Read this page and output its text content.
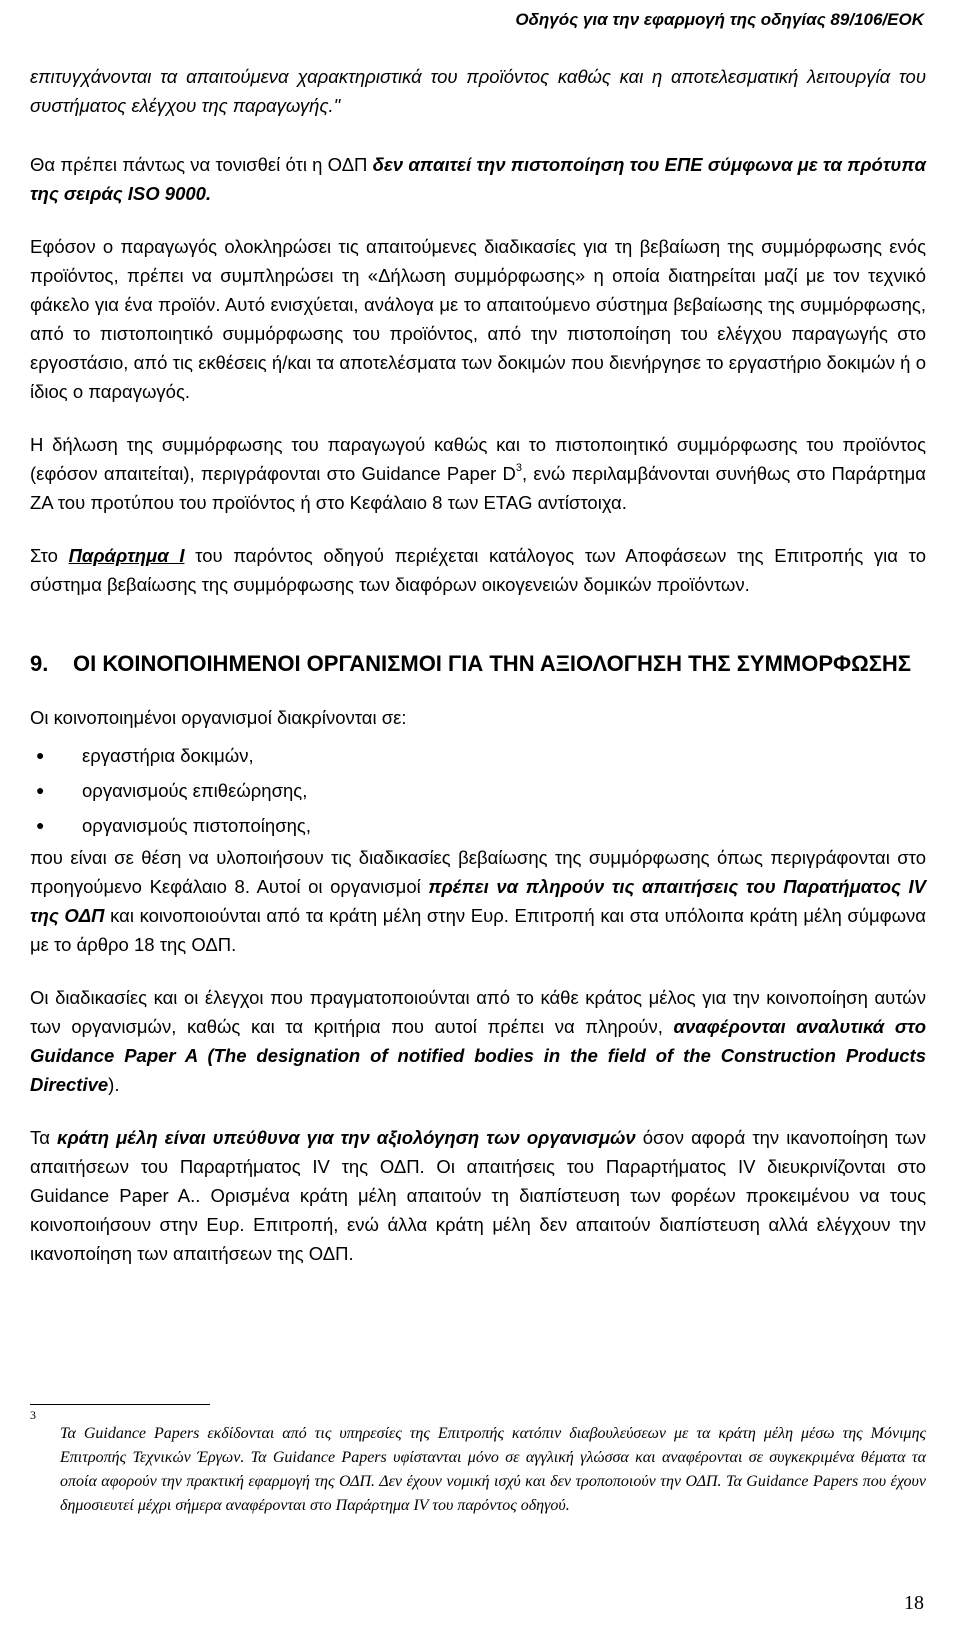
Οδηγός για την εφαρμογή της οδηγίας 89/106/ΕΟΚ

επιτυγχάνονται τα απαιτούμενα χαρακτηριστικά του προϊόντος καθώς και η αποτελεσματική λειτουργία του συστήματος ελέγχου της παραγωγής."

Θα πρέπει πάντως να τονισθεί ότι η ΟΔΠ δεν απαιτεί την πιστοποίηση του ΕΠΕ σύμφωνα με τα πρότυπα της σειράς ISO 9000.

Εφόσον ο παραγωγός ολοκληρώσει τις απαιτούμενες διαδικασίες για τη βεβαίωση της συμμόρφωσης ενός προϊόντος, πρέπει να συμπληρώσει τη «Δήλωση συμμόρφωσης» η οποία διατηρείται μαζί με τον τεχνικό φάκελο για ένα προϊόν. Αυτό ενισχύεται, ανάλογα με το απαιτούμενο σύστημα βεβαίωσης της συμμόρφωσης, από το πιστοποιητικό συμμόρφωσης του προϊόντος, από την πιστοποίηση του ελέγχου παραγωγής στο εργοστάσιο, από τις εκθέσεις ή/και τα αποτελέσματα των δοκιμών που διενήργησε το εργαστήριο δοκιμών ή ο ίδιος ο παραγωγός.

Η δήλωση της συμμόρφωσης του παραγωγού καθώς και το πιστοποιητικό συμμόρφωσης του προϊόντος (εφόσον απαιτείται), περιγράφονται στο Guidance Paper $D^3$, ενώ περιλαμβάνονται συνήθως στο Παράρτημα ΖΑ του προτύπου του προϊόντος ή στο Κεφάλαιο 8 των ETAG αντίστοιχα.

Στο Παράρτημα I του παρόντος οδηγού περιέχεται κατάλογος των Αποφάσεων της Επιτροπής για το σύστημα βεβαίωσης της συμμόρφωσης των διαφόρων οικογενειών δομικών προϊόντων.

9.	ΟΙ ΚΟΙΝΟΠΟΙΗΜΕΝΟΙ ΟΡΓΑΝΙΣΜΟΙ ΓΙΑ ΤΗΝ ΑΞΙΟΛΟΓΗΣΗ ΤΗΣ ΣΥΜΜΟΡΦΩΣΗΣ

Οι κοινοποιημένοι οργανισμοί διακρίνονται σε:

●	εργαστήρια δοκιμών,
●	οργανισμούς επιθεώρησης,
●	οργανισμούς πιστοποίησης,

που είναι σε θέση να υλοποιήσουν τις διαδικασίες βεβαίωσης της συμμόρφωσης όπως περιγράφονται στο προηγούμενο Κεφάλαιο 8. Αυτοί οι οργανισμοί πρέπει να πληρούν τις απαιτήσεις του Παρατήματος IV της ΟΔΠ και κοινοποιούνται από τα κράτη μέλη στην Ευρ. Επιτροπή και στα υπόλοιπα κράτη μέλη σύμφωνα με το άρθρο 18 της ΟΔΠ.

Οι διαδικασίες και οι έλεγχοι που πραγματοποιούνται από το κάθε κράτος μέλος για την κοινοποίηση αυτών των οργανισμών, καθώς και τα κριτήρια που αυτοί πρέπει να πληρούν, αναφέρονται αναλυτικά στο Guidance Paper A (The designation of notified bodies in the field of the Construction Products Directive).

Τα κράτη μέλη είναι υπεύθυνα για την αξιολόγηση των οργανισμών όσον αφορά την ικανοποίηση των απαιτήσεων του Παραρτήματος IV της ΟΔΠ. Οι απαιτήσεις του Παρaρτήματος IV διευκρινίζονται στο Guidance Paper A.. Ορισμένα κράτη μέλη απαιτούν τη διαπίστευση των φορέων προκειμένου να τους κοινοποιήσουν στην Ευρ. Επιτροπή, ενώ άλλα κράτη μέλη δεν απαιτούν διαπίστευση αλλά ελέγχουν την ικανοποίηση των απαιτήσεων της ΟΔΠ.

3
Τα Guidance Papers εκδίδονται από τις υπηρεσίες της Επιτροπής κατόπιν διαβουλεύσεων με τα κράτη μέλη μέσω της Μόνιμης Επιτροπής Τεχνικών Έργων. Τα Guidance Papers υφίστανται μόνο σε αγγλική γλώσσα και αναφέρονται σε συγκεκριμένα θέματα τα οποία αφορούν την πρακτική εφαρμογή της ΟΔΠ. Δεν έχουν νομική ισχύ και δεν τροποποιούν την ΟΔΠ. Τα Guidance Papers που έχουν δημοσιευτεί μέχρι σήμερα αναφέρονται στο Παράρτημα IV του παρόντος οδηγού.
18
